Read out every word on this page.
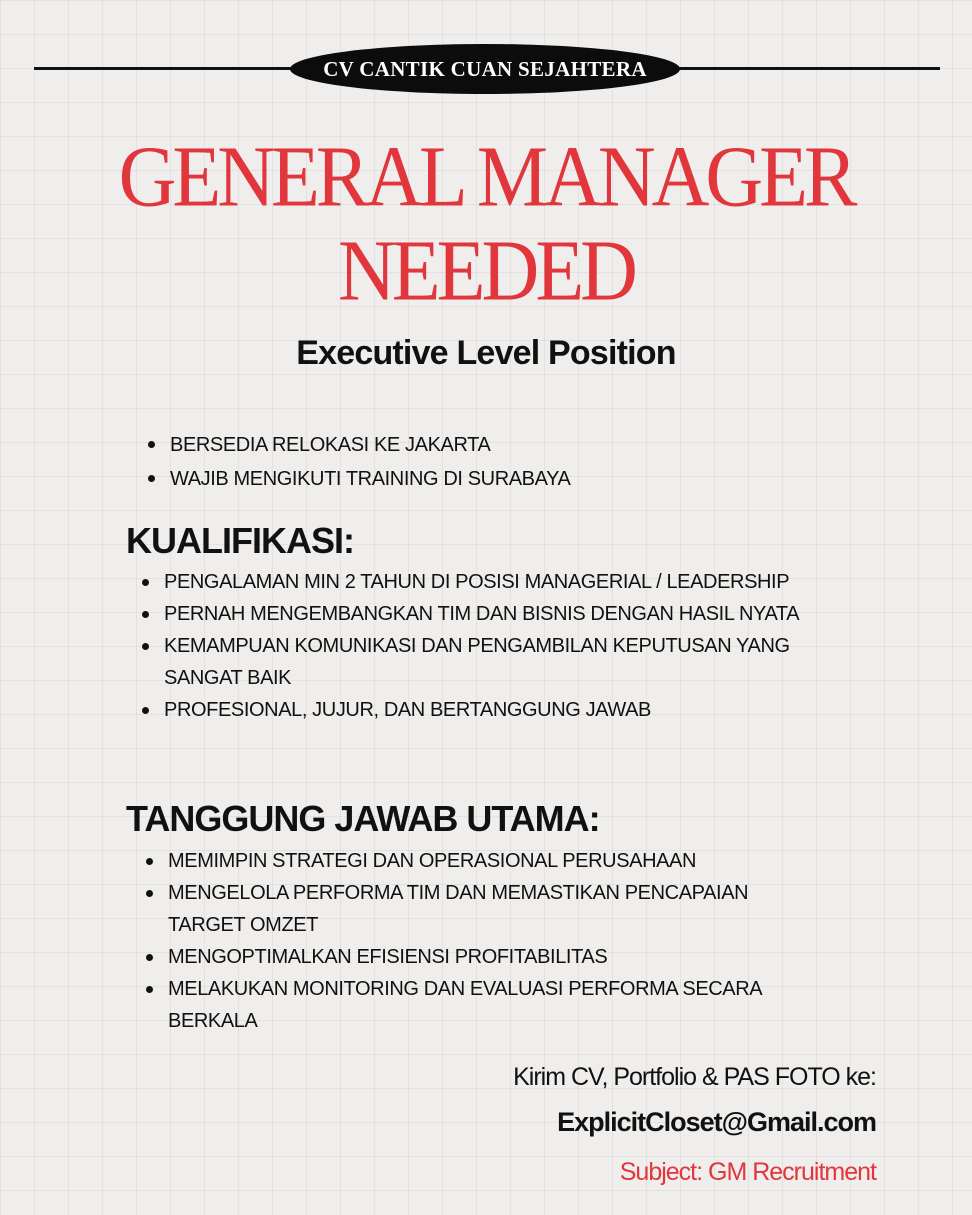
CV CANTIK CUAN SEJAHTERA
GENERAL MANAGER
NEEDED
Executive Level Position
BERSEDIA RELOKASI KE JAKARTA
WAJIB MENGIKUTI TRAINING DI SURABAYA
KUALIFIKASI:
PENGALAMAN MIN 2 TAHUN DI POSISI MANAGERIAL / LEADERSHIP
PERNAH MENGEMBANGKAN TIM DAN BISNIS DENGAN HASIL NYATA
KEMAMPUAN KOMUNIKASI DAN PENGAMBILAN KEPUTUSAN YANG SANGAT BAIK
PROFESIONAL, JUJUR, DAN BERTANGGUNG JAWAB
TANGGUNG JAWAB UTAMA:
MEMIMPIN STRATEGI DAN OPERASIONAL PERUSAHAAN
MENGELOLA PERFORMA TIM DAN MEMASTIKAN PENCAPAIAN TARGET OMZET
MENGOPTIMALKAN EFISIENSI PROFITABILITAS
MELAKUKAN MONITORING DAN EVALUASI PERFORMA SECARA BERKALA
Kirim CV, Portfolio & PAS FOTO ke:
ExplicitCloset@Gmail.com
Subject: GM Recruitment
